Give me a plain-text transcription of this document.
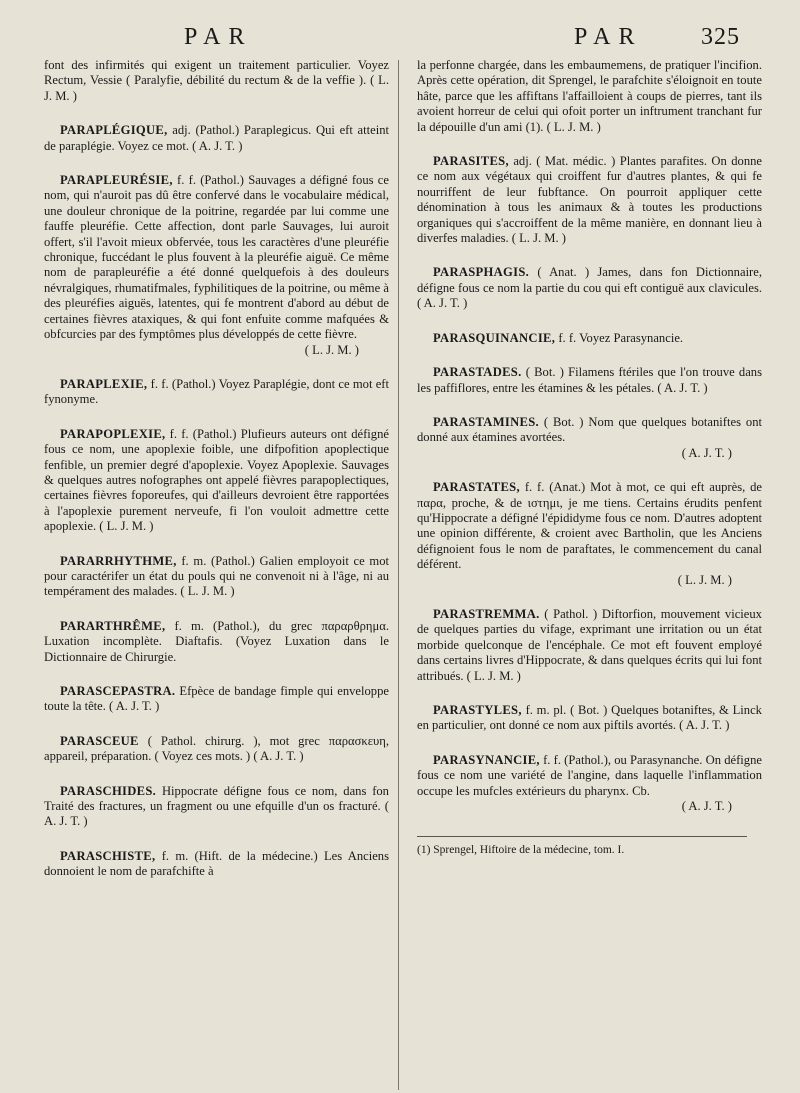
PAR	PAR 325

font des infirmités qui exigent un traitement particulier. Voyez Rectum, Vessie ( Paralyfie, débilité du rectum & de la veffie ). ( L. J. M. )

PARAPLÉGIQUE, adj. (Pathol.) Paraplegicus. Qui eft atteint de paraplégie. Voyez ce mot. ( A. J. T. )

PARAPLEURÉSIE, f. f. (Pathol.) Sauvages a défigné fous ce nom, qui n'auroit pas dû être confervé dans le vocabulaire médical, une douleur chronique de la poitrine, regardée par lui comme une fauffe pleuréfie. Cette affection, dont parle Sauvages, lui auroit offert, s'il l'avoit mieux obfervée, tous les caractères d'une pleuréfie chronique, fuccédant le plus fouvent à la pleuréfie aiguë. Ce même nom de parapleuréfie a été donné quelquefois à des douleurs névralgiques, rhumatifmales, fyphilitiques de la poitrine, ou même à des pleuréfies aiguës, latentes, qui fe montrent d'abord au début de certaines fièvres ataxiques, & qui font enfuite comme mafquées & obfcurcies par des fymptômes plus développés de cette fièvre.

( L. J. M. )

PARAPLEXIE, f. f. (Pathol.) Voyez Paraplégie, dont ce mot eft fynonyme.

PARAPOPLEXIE, f. f. (Pathol.) Plufieurs auteurs ont défigné fous ce nom, une apoplexie foible, une difpofition apoplectique fenfible, un premier degré d'apoplexie. Voyez Apoplexie. Sauvages & quelques autres nofographes ont appelé fièvres parapoplectiques, certaines fièvres foporeufes, qui d'ailleurs devroient être rapportées à l'apoplexie purement nerveufe, fi l'on vouloit admettre cette apoplexie. ( L. J. M. )

PARARRHYTHME, f. m. (Pathol.) Galien employoit ce mot pour caractérifer un état du pouls qui ne convenoit ni à l'âge, ni au tempérament des malades. ( L. J. M. )

PARARTHRÊME, f. m. (Pathol.), du grec παραρθρημα. Luxation incomplète. Diaftafis. (Voyez Luxation dans le Dictionnaire de Chirurgie.

PARASCEPASTRA. Efpèce de bandage fimple qui enveloppe toute la tête. ( A. J. T. )

PARASCEUE ( Pathol. chirurg. ), mot grec παρασκευη, appareil, préparation. ( Voyez ces mots. ) ( A. J. T. )

PARASCHIDES. Hippocrate défigne fous ce nom, dans fon Traité des fractures, un fragment ou une efquille d'un os fracturé. ( A. J. T. )

PARASCHISTE, f. m. (Hift. de la médecine.) Les Anciens donnoient le nom de parafchifte à

la perfonne chargée, dans les embaumemens, de pratiquer l'incifion. Après cette opération, dit Sprengel, le parafchite s'éloignoit en toute hâte, parce que les affiftans l'affailloient à coups de pierres, tant ils avoient horreur de celui qui ofoit porter un inftrument tranchant fur la dépouille d'un ami (1). ( L. J. M. )

PARASITES, adj. ( Mat. médic. ) Plantes parafites. On donne ce nom aux végétaux qui croiffent fur d'autres plantes, & qui fe nourriffent de leur fubftance. On pourroit appliquer cette dénomination à tous les animaux & à toutes les productions organiques qui s'accroiffent de la même manière, en donnant lieu à diverfes maladies. ( L. J. M. )

PARASPHAGIS. ( Anat. ) James, dans fon Dictionnaire, défigne fous ce nom la partie du cou qui eft contiguë aux clavicules. ( A. J. T. )

PARASQUINANCIE, f. f. Voyez Parasynancie.

PARASTADES. ( Bot. ) Filamens ftériles que l'on trouve dans les paffiflores, entre les étamines & les pétales. ( A. J. T. )

PARASTAMINES. ( Bot. ) Nom que quelques botaniftes ont donné aux étamines avortées.

( A. J. T. )

PARASTATES, f. f. (Anat.) Mot à mot, ce qui eft auprès, de παρα, proche, & de ιστημι, je me tiens. Certains érudits penfent qu'Hippocrate a défigné l'épididyme fous ce nom. D'autres adoptent une opinion différente, & croient avec Bartholin, que les Anciens défignoient fous le nom de paraftates, le commencement du canal déférent.

( L. J. M. )

PARASTREMMA. ( Pathol. ) Diftorfion, mouvement vicieux de quelques parties du vifage, exprimant une irritation ou un état morbide quelconque de l'encéphale. Ce mot eft fouvent employé dans certains livres d'Hippocrate, & dans quelques écrits qui lui font attribués. ( L. J. M. )

PARASTYLES, f. m. pl. ( Bot. ) Quelques botaniftes, & Linck en particulier, ont donné ce nom aux piftils avortés. ( A. J. T. )

PARASYNANCIE, f. f. (Pathol.), ou Parasynanche. On défigne fous ce nom une variété de l'angine, dans laquelle l'inflammation occupe les mufcles extérieurs du pharynx. Cb.

( A. J. T. )
(1) Sprengel, Hiftoire de la médecine, tom. I.
